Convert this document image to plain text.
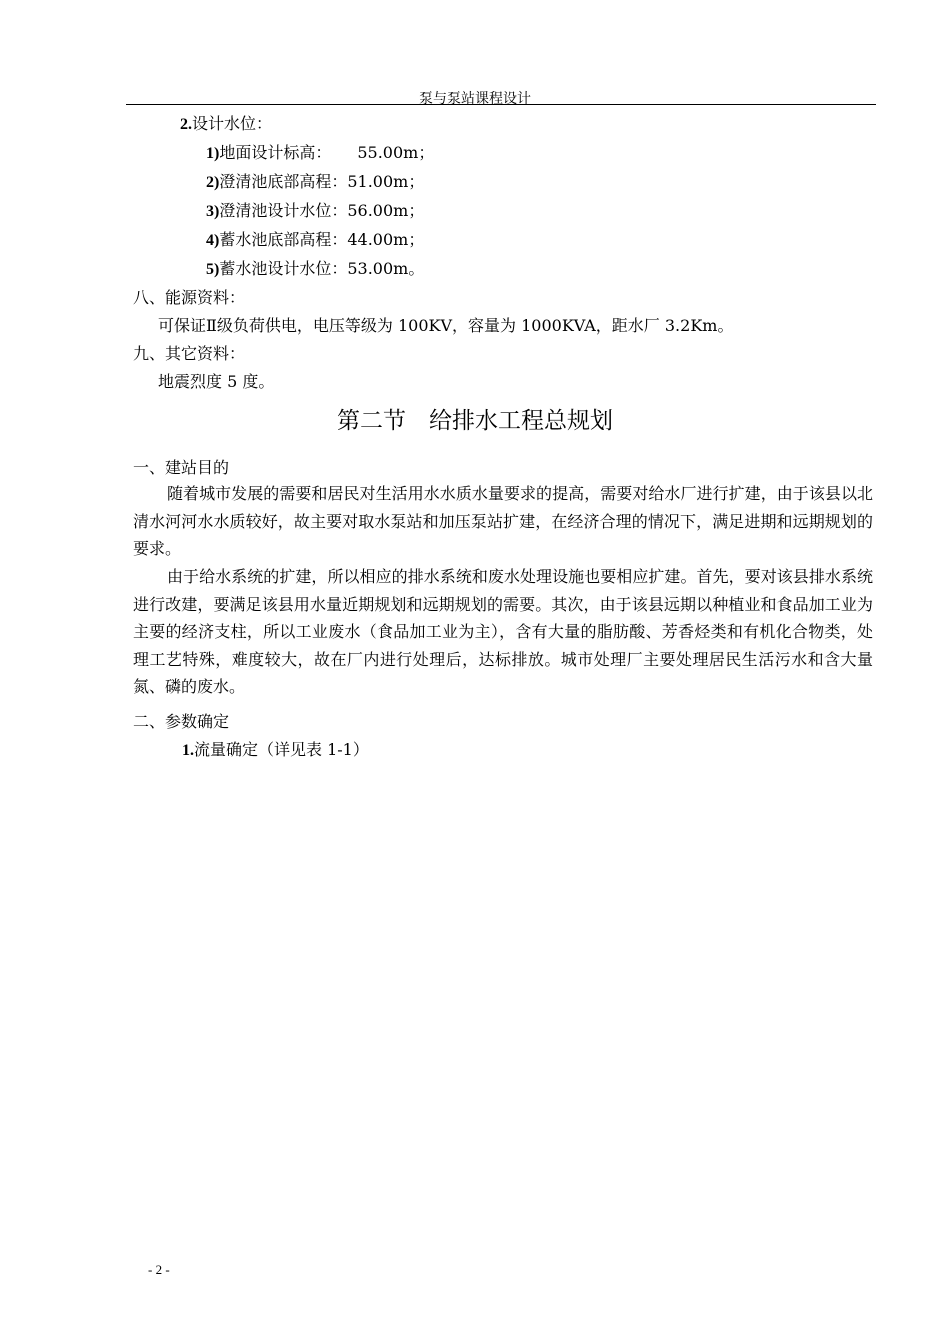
泵与泵站课程设计
2.设计水位：
1)地面设计标高： 55.00m；
2)澄清池底部高程：51.00m；
3)澄清池设计水位：56.00m；
4)蓄水池底部高程：44.00m；
5)蓄水池设计水位：53.00m。
八、能源资料：
可保证Ⅱ级负荷供电，电压等级为 100KV，容量为 1000KVA，距水厂 3.2Km。
九、其它资料：
地震烈度 5 度。
第二节　给排水工程总规划
一、建站目的

随着城市发展的需要和居民对生活用水水质水量要求的提高，需要对给水厂进行扩建，由于该县以北清水河河水水质较好，故主要对取水泵站和加压泵站扩建，在经济合理的情况下，满足进期和远期规划的要求。

由于给水系统的扩建，所以相应的排水系统和废水处理设施也要相应扩建。首先，要对该县排水系统进行改建，要满足该县用水量近期规划和远期规划的需要。其次，由于该县远期以种植业和食品加工业为主要的经济支柱，所以工业废水（食品加工业为主），含有大量的脂肪酸、芳香烃类和有机化合物类，处理工艺特殊，难度较大，故在厂内进行处理后，达标排放。城市处理厂主要处理居民生活污水和含大量氮、磷的废水。

二、参数确定
1.流量确定（详见表 1-1）
- 2 -
